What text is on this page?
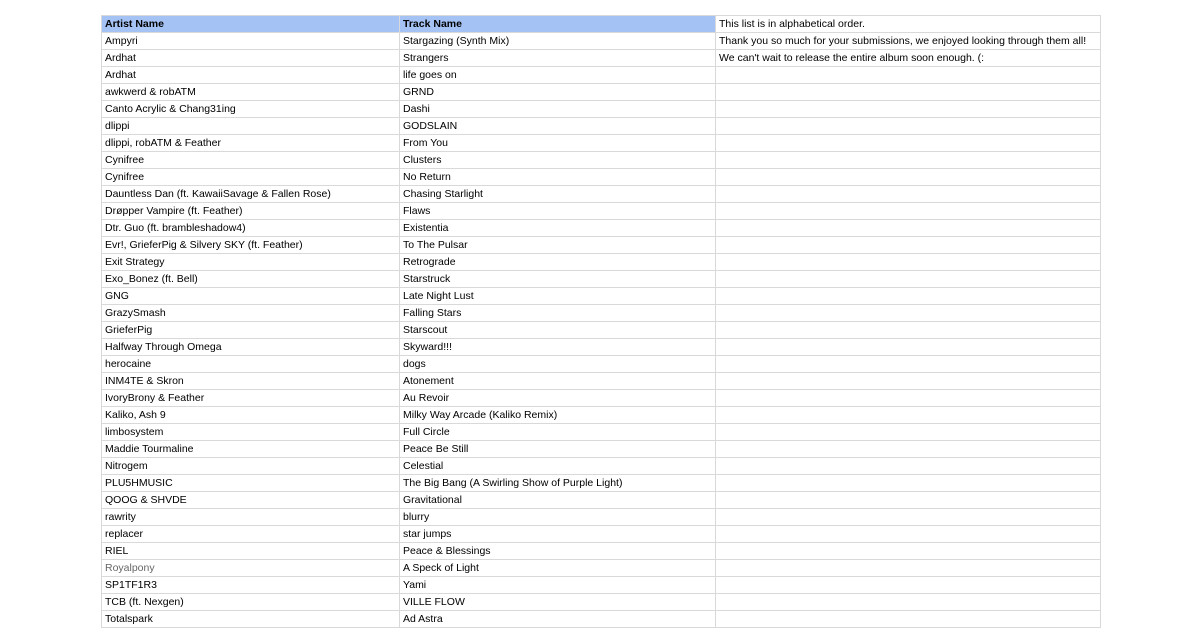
Artist Name	Track Name	This list is in alphabetical order.
Ampyri	Stargazing (Synth Mix)	Thank you so much for your submissions, we enjoyed looking through them all!
Ardhat	Strangers	We can't wait to release the entire album soon enough. (:
Ardhat	life goes on	
awkwerd & robATM	GRND	
Canto Acrylic & Chang31ing	Dashi	
dlippi	GODSLAIN	
dlippi, robATM & Feather	From You	
Cynifree	Clusters	
Cynifree	No Return	
Dauntless Dan (ft. KawaiiSavage & Fallen Rose)	Chasing Starlight	
Drøpper Vampire (ft. Feather)	Flaws	
Dtr. Guo (ft. brambleshadow4)	Existentia	
Evr!, GrieferPig & Silvery SKY (ft. Feather)	To The Pulsar	
Exit Strategy	Retrograde	
Exo_Bonez (ft. Bell)	Starstruck	
GNG	Late Night Lust	
GrazySmash	Falling Stars	
GrieferPig	Starscout	
Halfway Through Omega	Skyward!!!	
herocaine	dogs	
INM4TE & Skron	Atonement	
IvoryBrony & Feather	Au Revoir	
Kaliko, Ash 9	Milky Way Arcade (Kaliko Remix)	
limbosystem	Full Circle	
Maddie Tourmaline	Peace Be Still	
Nitrogem	Celestial	
PLU5HMUSIC	The Big Bang (A Swirling Show of Purple Light)	
QOOG & SHVDE	Gravitational	
rawrity	blurry	
replacer	star jumps	
RIEL	Peace & Blessings	
Royalpony	A Speck of Light	
SP1TF1R3	Yami	
TCB (ft. Nexgen)	VILLE FLOW	
Totalspark	Ad Astra	
